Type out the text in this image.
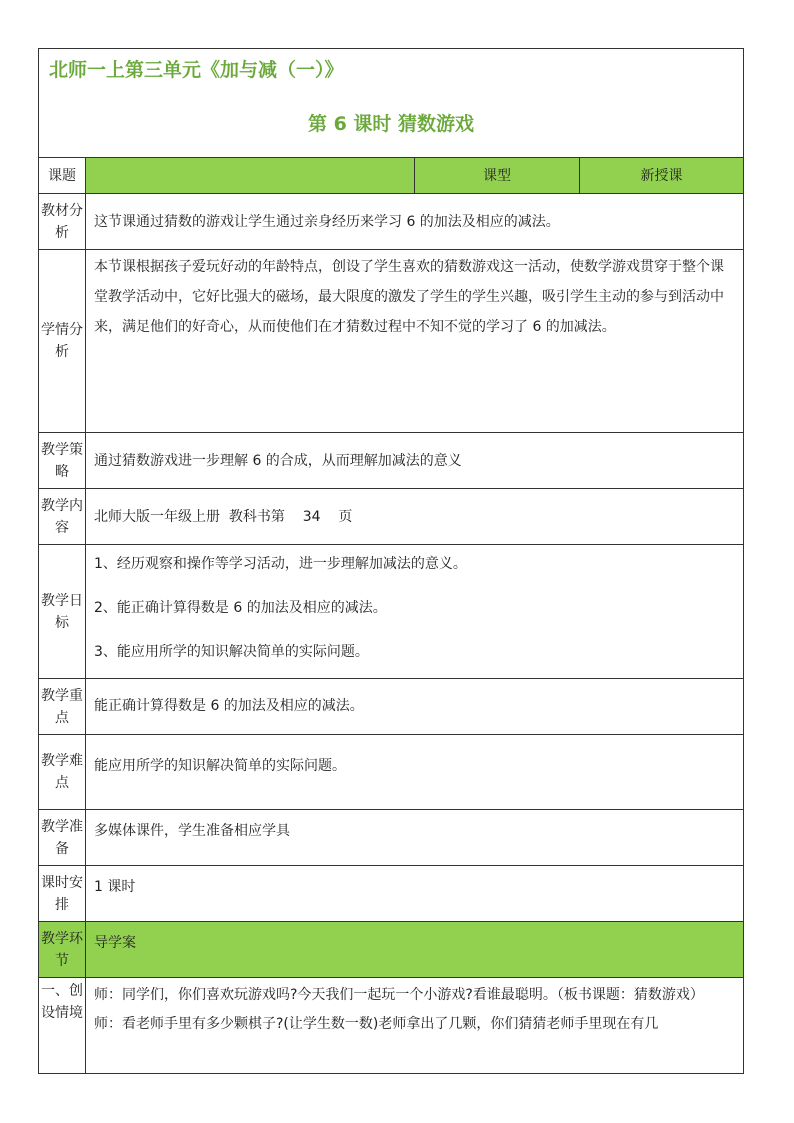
北师一上第三单元《加与减（一）》
第 6 课时 猜数游戏			

课题		课型	新授课
教材分析	这节课通过猜数的游戏让学生通过亲身经历来学习 6 的加法及相应的减法。		
学情分析	本节课根据孩子爱玩好动的年龄特点，创设了学生喜欢的猜数游戏这一活动，使数学游戏贯穿于整个课堂教学活动中，它好比强大的磁场，最大限度的激发了学生的学生兴趣，吸引学生主动的参与到活动中来，满足他们的好奇心，从而使他们在才猜数过程中不知不觉的学习了 6 的加减法。		
教学策略	通过猜数游戏进一步理解 6 的合成，从而理解加减法的意义		
教学内容	北师大版一年级上册  教科书第    34    页		
教学日标	1、经历观察和操作等学习活动，进一步理解加减法的意义。

2、能正确计算得数是 6 的加法及相应的减法。

3、能应用所学的知识解决简单的实际问题。		

教学重点	能正确计算得数是 6 的加法及相应的减法。		
教学难点	能应用所学的知识解决简单的实际问题。		
教学准备	多媒体课件，学生准备相应学具		
课时安排	1 课时		
教学环节	导学案		
一、创设情境	师：同学们，你们喜欢玩游戏吗?今天我们一起玩一个小游戏?看谁最聪明。（板书课题：猜数游戏）

师：看老师手里有多少颗棋子?(让学生数一数)老师拿出了几颗，你们猜猜老师手里现在有几		
